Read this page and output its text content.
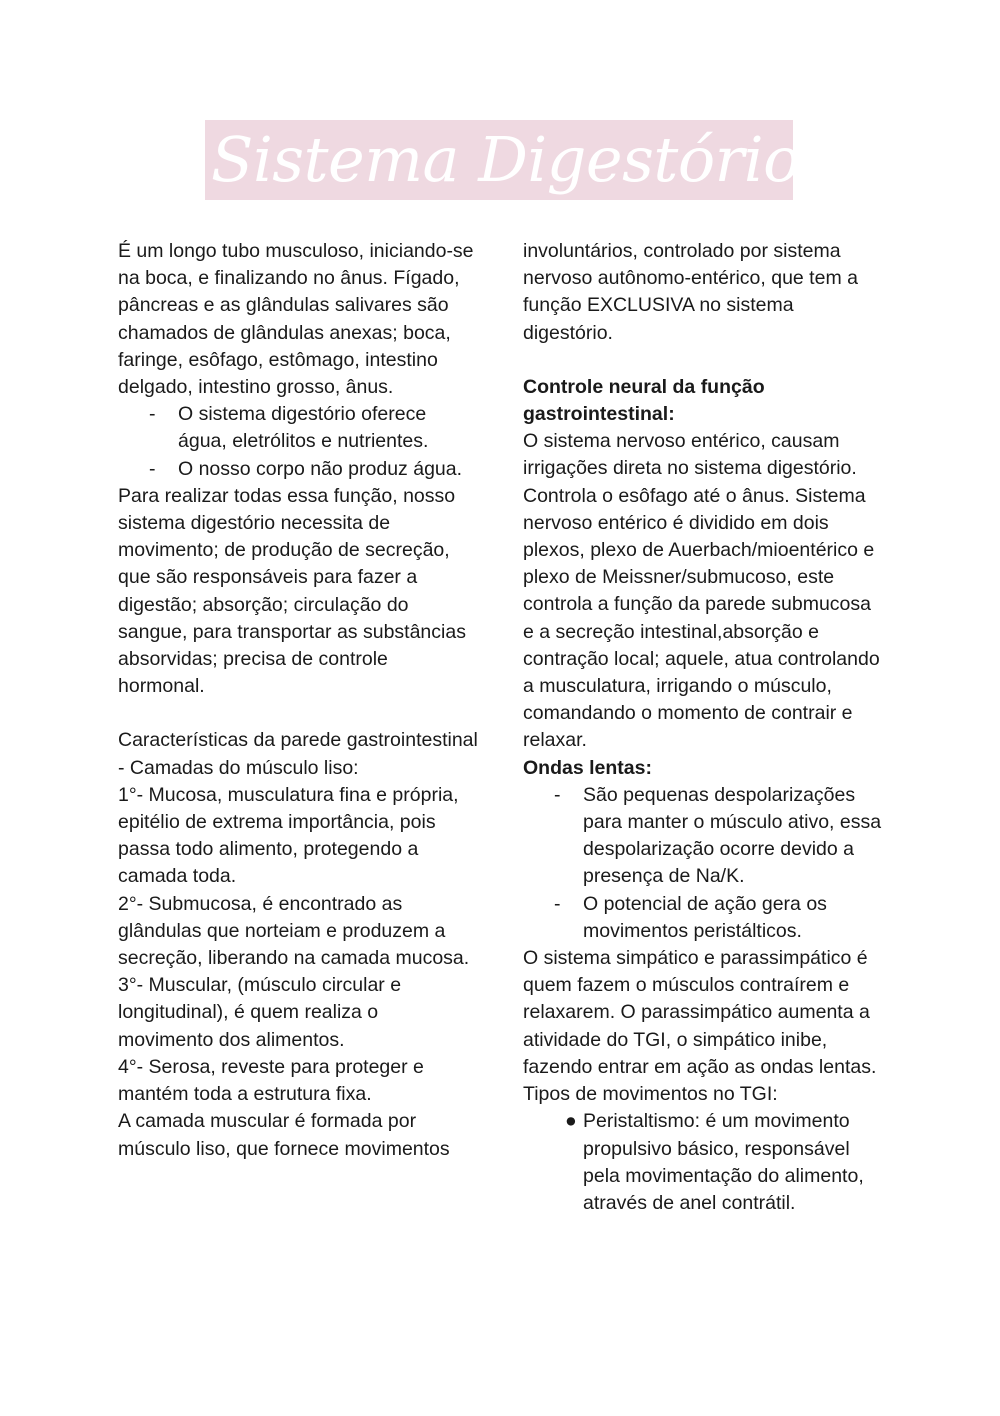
Sistema Digestório I

É um longo tubo musculoso, iniciando-se na boca, e finalizando no ânus. Fígado, pâncreas e as glândulas salivares são chamados de glândulas anexas; boca, faringe, esôfago, estômago, intestino delgado, intestino grosso, ânus.

- O sistema digestório oferece água, eletrólitos e nutrientes.
- O nosso corpo não produz água.

Para realizar todas essa função, nosso sistema digestório necessita de movimento; de produção de secreção, que são responsáveis para fazer a digestão; absorção; circulação do sangue, para transportar as substâncias absorvidas; precisa de controle hormonal.

Características da parede gastrointestinal - Camadas do músculo liso:

1°- Mucosa, musculatura fina e própria, epitélio de extrema importância, pois passa todo alimento, protegendo a camada toda.

2°- Submucosa, é encontrado as glândulas que norteiam e produzem a secreção, liberando na camada mucosa.

3°- Muscular, (músculo circular e longitudinal), é quem realiza o movimento dos alimentos.

4°- Serosa, reveste para proteger e mantém toda a estrutura fixa.

A camada muscular é formada por músculo liso, que fornece movimentos

involuntários, controlado por sistema nervoso autônomo-entérico, que tem a função EXCLUSIVA no sistema digestório.

Controle neural da função gastrointestinal:

O sistema nervoso entérico, causam irrigações direta no sistema digestório. Controla o esôfago até o ânus. Sistema nervoso entérico é dividido em dois plexos, plexo de Auerbach/mioentérico e plexo de Meissner/submucoso, este controla a função da parede submucosa e a secreção intestinal,absorção e contração local; aquele, atua controlando a musculatura, irrigando o músculo, comandando o momento de contrair e relaxar.

Ondas lentas:

- São pequenas despolarizações para manter o músculo ativo, essa despolarização ocorre devido a presença de Na/K.
- O potencial de ação gera os movimentos peristálticos.

O sistema simpático e parassimpático é quem fazem o músculos contraírem e relaxarem. O parassimpático aumenta a atividade do TGI, o simpático inibe, fazendo entrar em ação as ondas lentas.

Tipos de movimentos no TGI:

● Peristaltismo: é um movimento propulsivo básico, responsável pela movimentação do alimento, através de anel contrátil.
